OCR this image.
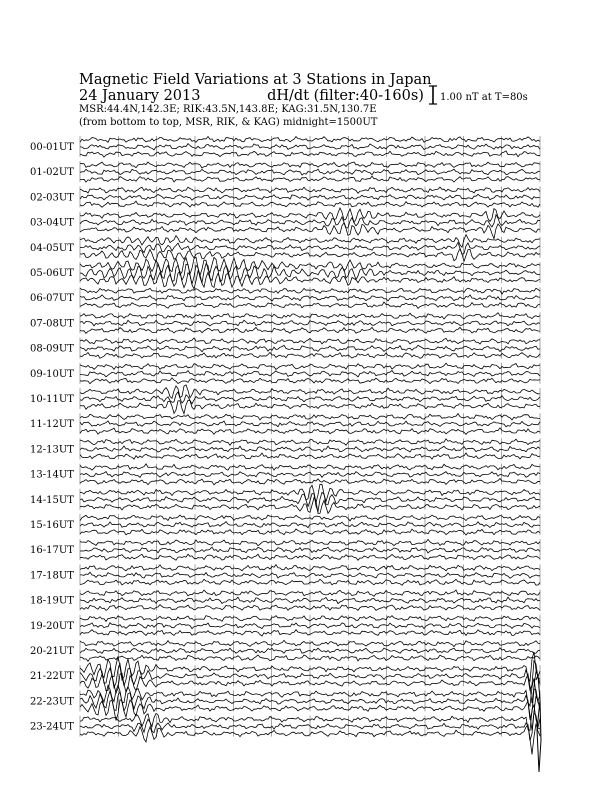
Magnetic Field Variations at 3 Stations in Japan
24 January 2013	dH/dt (filter:40-160s)
MSR:44.4N,142.3E; RIK:43.5N,143.8E; KAG:31.5N,130.7E
(from bottom to top, MSR, RIK, & KAG) midnight=1500UT
1.00 nT at T=80s
00-01UT
01-02UT
02-03UT
03-04UT
04-05UT
05-06UT
06-07UT
07-08UT
08-09UT
09-10UT
10-11UT
11-12UT
12-13UT
13-14UT
14-15UT
15-16UT
16-17UT
17-18UT
18-19UT
19-20UT
20-21UT
21-22UT
22-23UT
23-24UT
